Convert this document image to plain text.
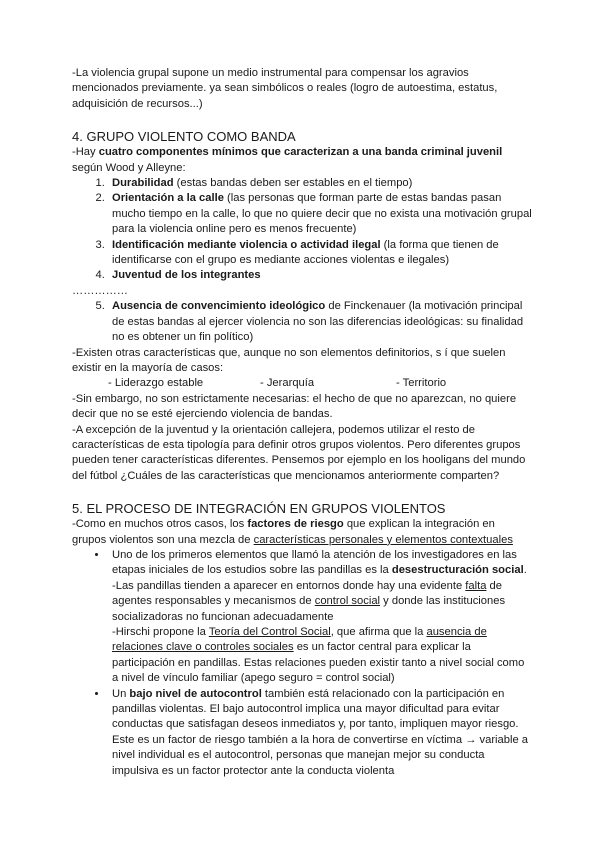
-La violencia grupal supone un medio instrumental para compensar los agravios mencionados previamente. ya sean simbólicos o reales (logro de autoestima, estatus, adquisición de recursos...)

4. GRUPO VIOLENTO COMO BANDA

-Hay cuatro componentes mínimos que caracterizan a una banda criminal juvenil según Wood y Alleyne:

1. Durabilidad (estas bandas deben ser estables en el tiempo)
2. Orientación a la calle (las personas que forman parte de estas bandas pasan mucho tiempo en la calle, lo que no quiere decir que no exista una motivación grupal para la violencia online pero es menos frecuente)
3. Identificación mediante violencia o actividad ilegal (la forma que tienen de identificarse con el grupo es mediante acciones violentas e ilegales)
4. Juventud de los integrantes

……………

5. Ausencia de convencimiento ideológico de Finckenauer (la motivación principal de estas bandas al ejercer violencia no son las diferencias ideológicas: su finalidad no es obtener un fin político)

-Existen otras características que, aunque no son elementos definitorios, s í que suelen existir en la mayoría de casos:

- Liderazgo estable	- Jerarquía	- Territorio

-Sin embargo, no son estrictamente necesarias: el hecho de que no aparezcan, no quiere decir que no se esté ejerciendo violencia de bandas.

-A excepción de la juventud y la orientación callejera, podemos utilizar el resto de características de esta tipología para definir otros grupos violentos. Pero diferentes grupos pueden tener características diferentes. Pensemos por ejemplo en los hooligans del mundo del fútbol ¿Cuáles de las características que mencionamos anteriormente comparten?

5. EL PROCESO DE INTEGRACIÓN EN GRUPOS VIOLENTOS

-Como en muchos otros casos, los factores de riesgo que explican la integración en grupos violentos son una mezcla de características personales y elementos contextuales

• Uno de los primeros elementos que llamó la atención de los investigadores en las etapas iniciales de los estudios sobre las pandillas es la desestructuración social.
-Las pandillas tienden a aparecer en entornos donde hay una evidente falta de agentes responsables y mecanismos de control social y donde las instituciones socializadoras no funcionan adecuadamente
-Hirschi propone la Teoría del Control Social, que afirma que la ausencia de relaciones clave o controles sociales es un factor central para explicar la participación en pandillas. Estas relaciones pueden existir tanto a nivel social como a nivel de vínculo familiar (apego seguro = control social)
• Un bajo nivel de autocontrol también está relacionado con la participación en pandillas violentas. El bajo autocontrol implica una mayor dificultad para evitar conductas que satisfagan deseos inmediatos y, por tanto, impliquen mayor riesgo. Este es un factor de riesgo también a la hora de convertirse en víctima → variable a nivel individual es el autocontrol, personas que manejan mejor su conducta impulsiva es un factor protector ante la conducta violenta
